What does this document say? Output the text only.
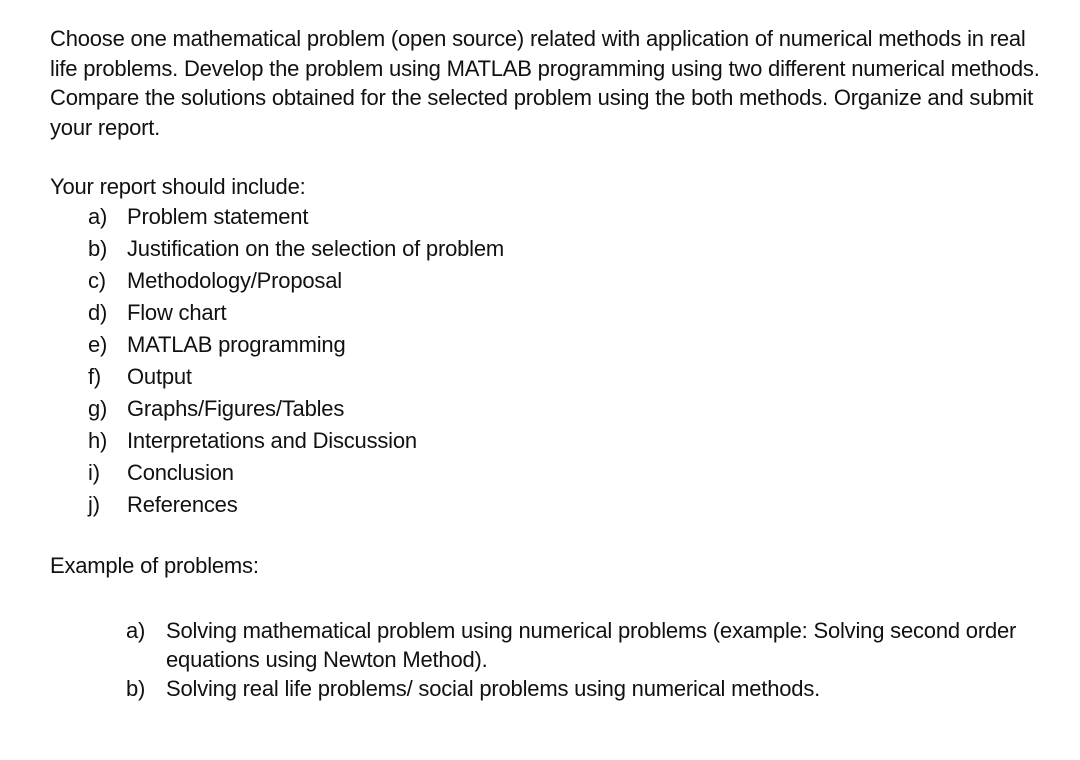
Choose one mathematical problem (open source) related with application of numerical methods in real life problems. Develop the problem using MATLAB programming using two different numerical methods. Compare the solutions obtained for the selected problem using the both methods. Organize and submit your report.

Your report should include:

a) Problem statement
b) Justification on the selection of problem
c) Methodology/Proposal
d) Flow chart
e) MATLAB programming
f)	Output
g) Graphs/Figures/Tables
h) Interpretations and Discussion
i)	Conclusion
j)	References

Example of problems:

a) Solving mathematical problem using numerical problems (example: Solving second order equations using Newton Method).
b) Solving real life problems/ social problems using numerical methods.
